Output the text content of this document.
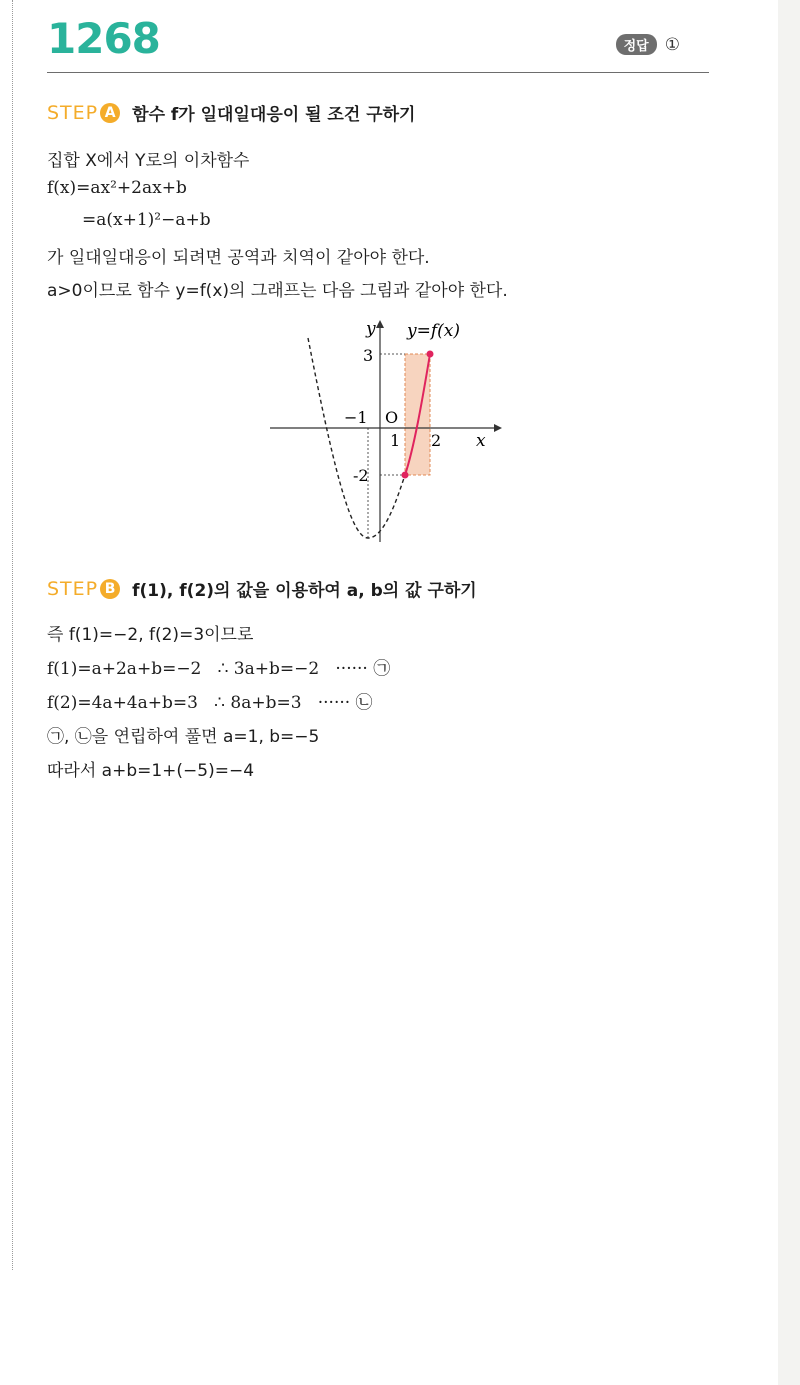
1268	정답 ①
STEP A 함수 f가 일대일대응이 될 조건 구하기
집합 X에서 Y로의 이차함수
f(x)=ax²+2ax+b
=a(x+1)²−a+b
가 일대일대응이 되려면 공역과 치역이 같아야 한다.
a>0이므로 함수 y=f(x)의 그래프는 다음 그림과 같아야 한다.
y y=f(x)
3
−1 O
1 2 x
-2
STEP B f(1), f(2)의 값을 이용하여 a, b의 값 구하기
즉 f(1)=−2, f(2)=3이므로
f(1)=a+2a+b=−2   ∴ 3a+b=−2   ······ ㉠
f(2)=4a+4a+b=3   ∴ 8a+b=3   ······ ㉡
㉠, ㉡을 연립하여 풀면 a=1, b=−5
따라서 a+b=1+(−5)=−4
